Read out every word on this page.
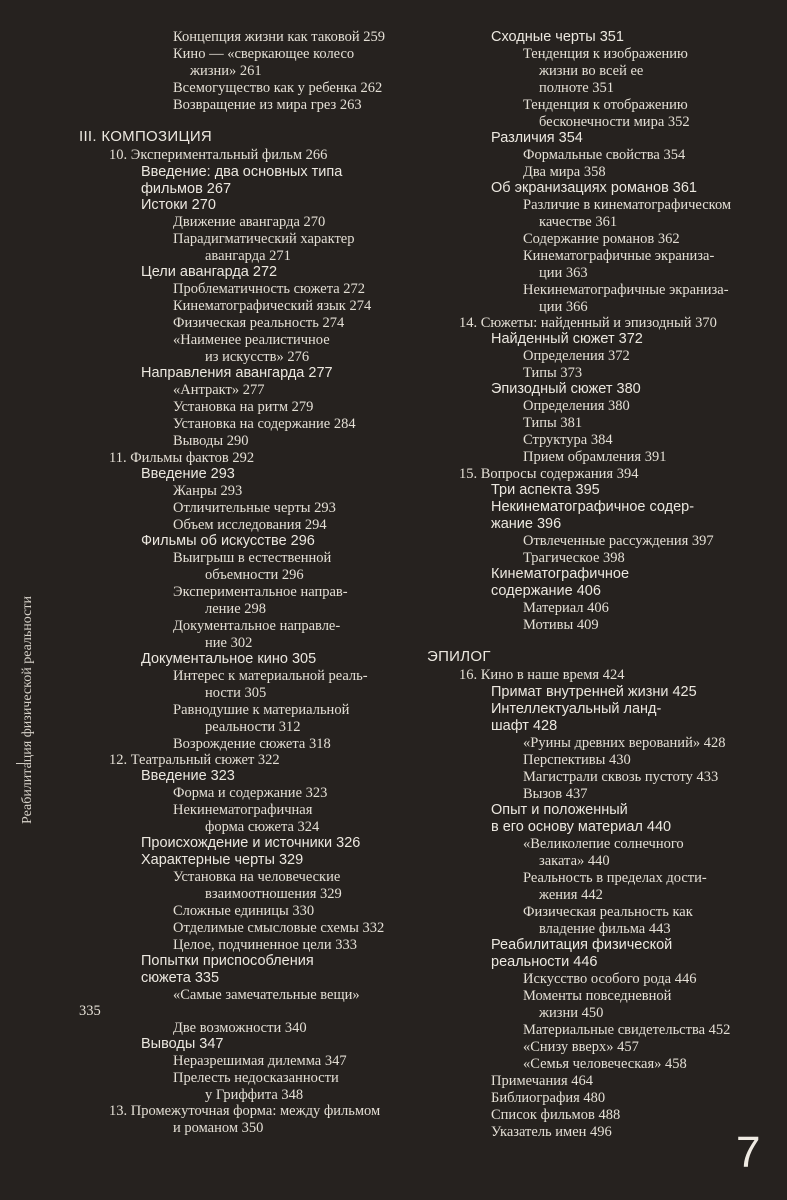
Концепция жизни как таковой 259
Кино — «сверкающее колесо
жизни» 261
Всемогущество как у ребенка 262
Возвращение из мира грез 263
III. КОМПОЗИЦИЯ
10. Экспериментальный фильм 266
Введение: два основных типа
фильмов 267
Истоки 270
Движение авангарда 270
Парадигматический характер
авангарда 271
Цели авангарда 272
Проблематичность сюжета 272
Кинематографический язык 274
Физическая реальность 274
«Наименее реалистичное
из искусств» 276
Направления авангарда 277
«Антракт» 277
Установка на ритм 279
Установка на содержание 284
Выводы 290
11. Фильмы фактов 292
Введение 293
Жанры 293
Отличительные черты 293
Объем исследования 294
Фильмы об искусстве 296
Выигрыш в естественной
объемности 296
Экспериментальное направ-
ление 298
Документальное направле-
ние 302
Документальное кино 305
Интерес к материальной реаль-
ности 305
Равнодушие к материальной
реальности 312
Возрождение сюжета 318
12. Театральный сюжет 322
Введение 323
Форма и содержание 323
Некинематографичная
форма сюжета 324
Происхождение и источники 326
Характерные черты 329
Установка на человеческие
взаимоотношения 329
Сложные единицы 330
Отделимые смысловые схемы 332
Целое, подчиненное цели 333
Попытки приспособления
сюжета 335
«Самые замечательные вещи»
335
Две возможности 340
Выводы 347
Неразрешимая дилемма 347
Прелесть недосказанности
у Гриффита 348
13. Промежуточная форма: между фильмом
и романом 350
Сходные черты 351
Тенденция к изображению
жизни во всей ее
полноте 351
Тенденция к отображению
бесконечности мира 352
Различия 354
Формальные свойства 354
Два мира 358
Об экранизациях романов 361
Различие в кинематографическом
качестве 361
Содержание романов 362
Кинематографичные экраниза-
ции 363
Некинематографичные экраниза-
ции 366
14. Сюжеты: найденный и эпизодный 370
Найденный сюжет 372
Определения 372
Типы 373
Эпизодный сюжет 380
Определения 380
Типы 381
Структура 384
Прием обрамления 391
15. Вопросы содержания 394
Три аспекта 395
Некинематографичное содер-
жание 396
Отвлеченные рассуждения 397
Трагическое 398
Кинематографичное
содержание 406
Материал 406
Мотивы 409
ЭПИЛОГ
16. Кино в наше время 424
Примат внутренней жизни 425
Интеллектуальный ланд-
шафт 428
«Руины древних верований» 428
Перспективы 430
Магистрали сквозь пустоту 433
Вызов 437
Опыт и положенный
в его основу материал 440
«Великолепие солнечного
заката» 440
Реальность в пределах дости-
жения 442
Физическая реальность как
владение фильма 443
Реабилитация физической
реальности 446
Искусство особого рода 446
Моменты повседневной
жизни 450
Материальные свидетельства 452
«Снизу вверх» 457
«Семья человеческая» 458
Примечания 464
Библиография 480
Список фильмов 488
Указатель имен 496
Реабилитация физической реальности
7
